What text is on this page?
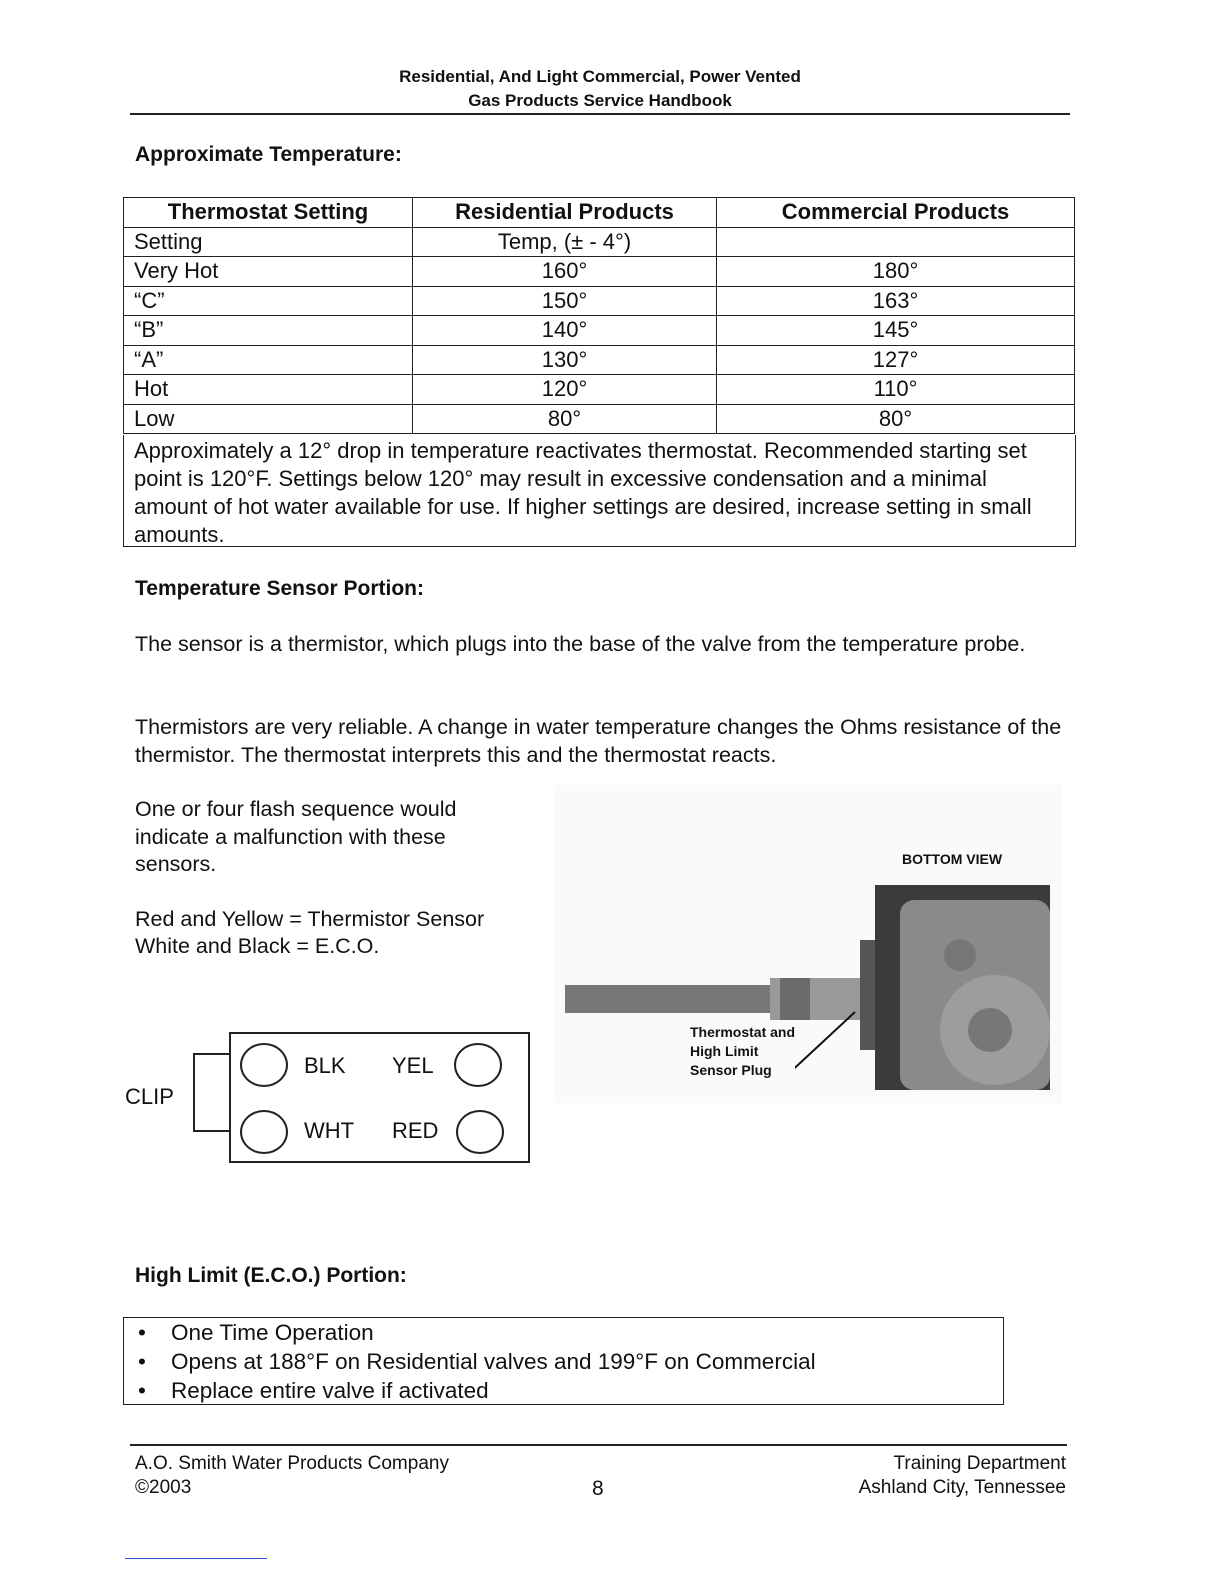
Residential, And Light Commercial, Power Vented
Gas Products Service Handbook
Approximate Temperature:
Thermostat Setting	Residential Products	Commercial Products
Setting	Temp, (± - 4°)	
Very Hot	160°	180°
“C”	150°	163°
“B”	140°	145°
“A”	130°	127°
Hot	120°	110°
Low	80°	80°
Approximately a 12° drop in temperature reactivates thermostat. Recommended starting set point is 120°F. Settings below 120° may result in excessive condensation and a minimal amount of hot water available for use. If higher settings are desired, increase setting in small amounts.
Temperature Sensor Portion:
The sensor is a thermistor, which plugs into the base of the valve from the temperature probe.
Thermistors are very reliable. A change in water temperature changes the Ohms resistance of the thermistor. The thermostat interprets this and the thermostat reacts.
One or four flash sequence would indicate a malfunction with these sensors.
Red and Yellow = Thermistor Sensor
White and Black = E.C.O.
CLIP
BLK YEL
WHT RED
BOTTOM VIEW
Thermostat and
High Limit
Sensor Plug
High Limit (E.C.O.) Portion:
• One Time Operation
• Opens at 188°F on Residential valves and 199°F on Commercial
• Replace entire valve if activated
A.O. Smith Water Products Company
©2003	8
Training Department
Ashland City, Tennessee
